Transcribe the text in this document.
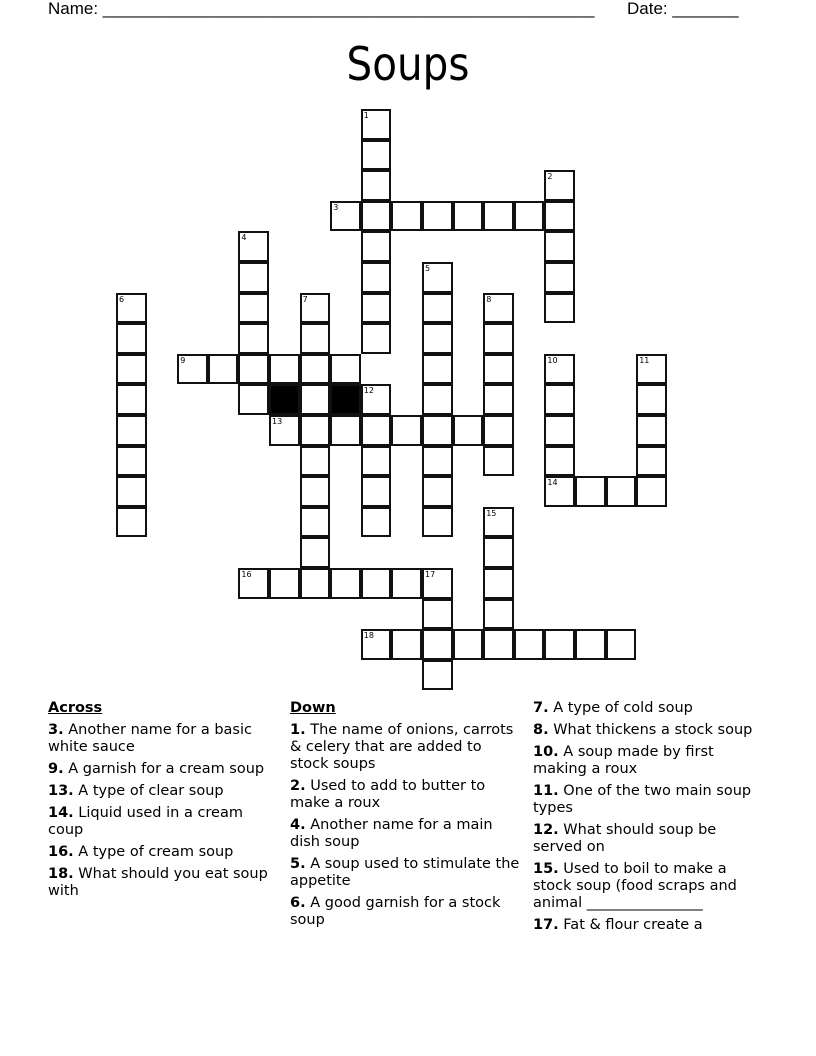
Name: ____________________________________________________ Date: _______
Soups
1
2
3
4
5
6	7	8
9	10
14
11
12
13
15
16	17
18
Across
3. Another name for a basic white sauce
9. A garnish for a cream soup
13. A type of clear soup
14. Liquid used in a cream coup
16. A type of cream soup
18. What should you eat soup with
Down
1. The name of onions, carrots & celery that are added to stock soups
2. Used to add to butter to make a roux
4. Another name for a main dish soup
5. A soup used to stimulate the appetite
6. A good garnish for a stock soup
7. A type of cold soup
8. What thickens a stock soup
10. A soup made by first making a roux
11. One of the two main soup types
12. What should soup be served on
15. Used to boil to make a stock soup (food scraps and animal ________________
17. Fat & flour create a
